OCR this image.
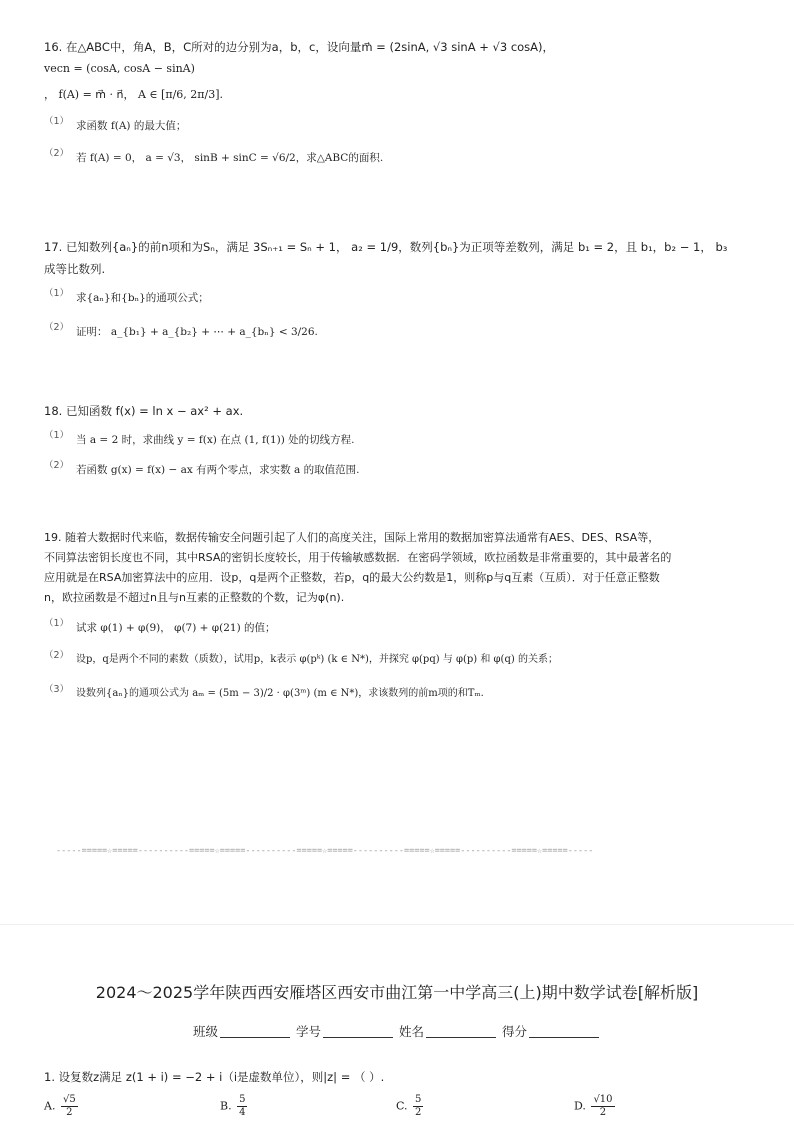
16. 在△ABC中，角A，B，C所对的边分别为a，b，c，设向量m⃗ = (2sinA, √3 sinA + √3 cosA)，

vecn = (cosA, cosA − sinA)

， f(A) = m⃗ · n⃗， A ∈ [π/6, 2π/3].

（1） 求函数 f(A) 的最大值；
（2） 若 f(A) = 0， a = √3， sinB + sinC = √6/2，求△ABC的面积.

17. 已知数列{aₙ}的前n项和为Sₙ，满足 3Sₙ₊₁ = Sₙ + 1， a₂ = 1/9，数列{bₙ}为正项等差数列，满足 b₁ = 2，且 b₁，b₂ − 1， b₃

成等比数列.

（1） 求{aₙ}和{bₙ}的通项公式；
（2） 证明： a_{b₁} + a_{b₂} + ⋯ + a_{bₙ} < 3/26.

18. 已知函数 f(x) = ln x − ax² + ax.

（1） 当 a = 2 时，求曲线 y = f(x) 在点 (1, f(1)) 处的切线方程.
（2） 若函数 g(x) = f(x) − ax 有两个零点，求实数 a 的取值范围.

19. 随着大数据时代来临，数据传输安全问题引起了人们的高度关注，国际上常用的数据加密算法通常有AES、DES、RSA等，

不同算法密钥长度也不同，其中RSA的密钥长度较长，用于传输敏感数据．在密码学领域，欧拉函数是非常重要的，其中最著名的

应用就是在RSA加密算法中的应用．设p，q是两个正整数，若p，q的最大公约数是1，则称p与q互素（互质）．对于任意正整数

n，欧拉函数是不超过n且与n互素的正整数的个数，记为φ(n).

（1） 试求 φ(1) + φ(9)， φ(7) + φ(21) 的值；
（2） 设p，q是两个不同的素数（质数），试用p，k表示 φ(pᵏ) (k ∈ N*)，并探究 φ(pq) 与 φ(p) 和 φ(q) 的关系；
（3） 设数列{aₙ}的通项公式为 aₘ = (5m − 3)/2 · φ(3ᵐ) (m ∈ N*)，求该数列的前m项的和Tₘ.
-----=====☆=====----------=====☆=====----------=====☆=====----------=====☆=====----------=====☆=====-----
2024～2025学年陕西西安雁塔区西安市曲江第一中学高三(上)期中数学试卷[解析版]
班级	学号	姓名	得分

1. 设复数z满足 z(1 + i) = −2 + i（i是虚数单位），则|z| = （ ）.

A. $\frac{√5}{2}$	B. $\frac{5}{4}$	C. $\frac{5}{2}$	D. $\frac{√10}{2}$
